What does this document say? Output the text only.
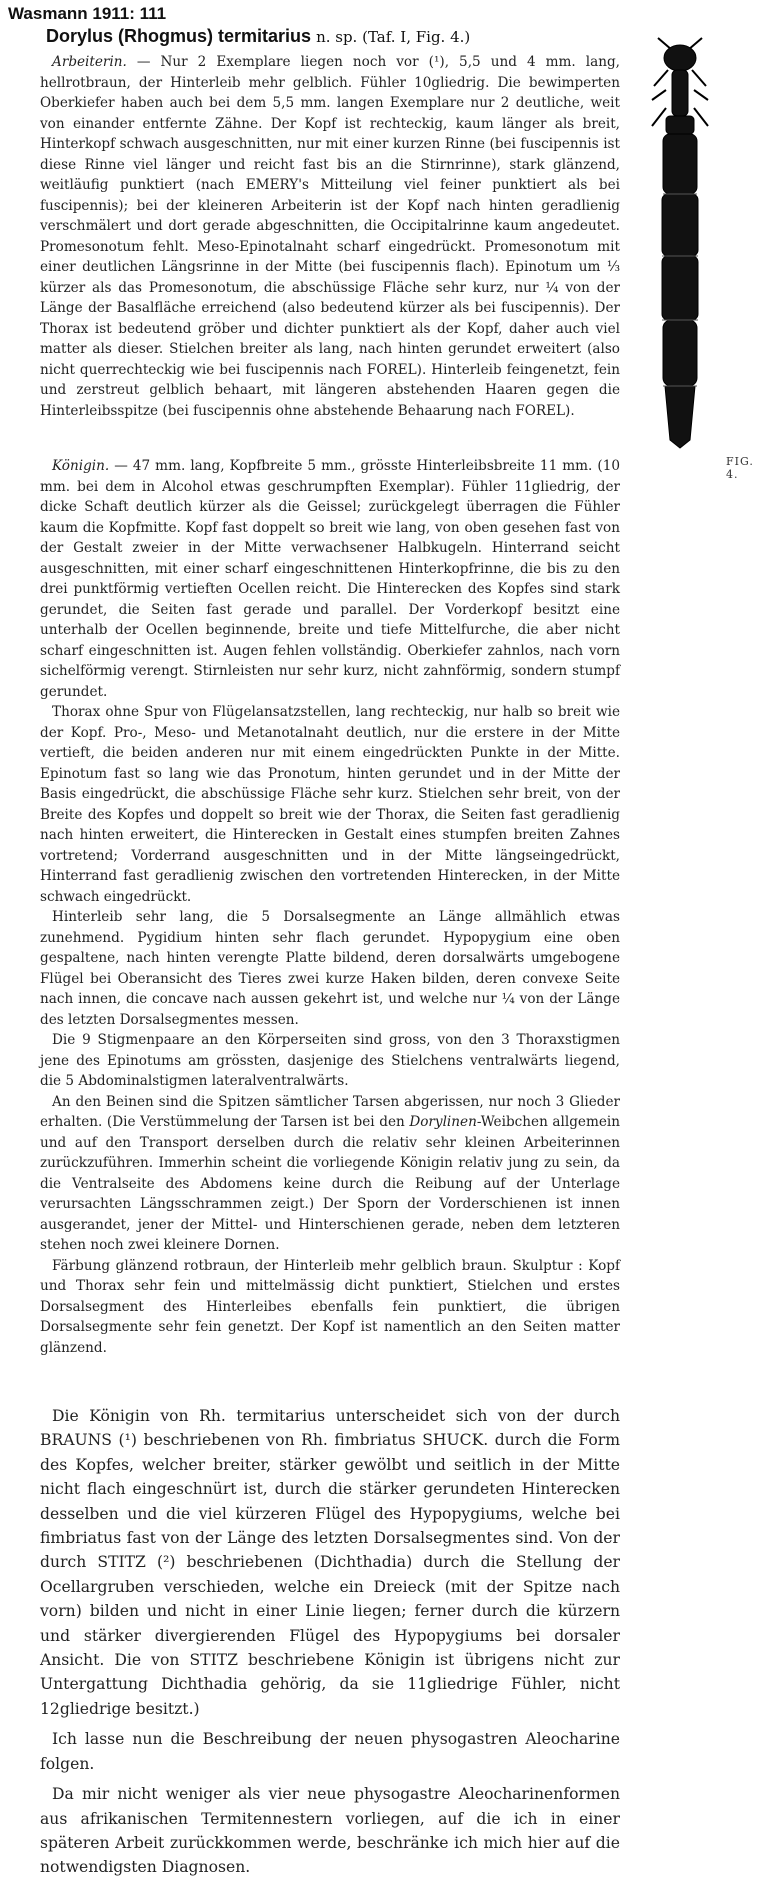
Wasmann 1911: 111
Dorylus (Rhogmus) termitarius n. sp. (Taf. I, Fig. 4.)
FIG. 4.

Arbeiterin. — Nur 2 Exemplare liegen noch vor (¹), 5,5 und 4 mm. lang, hellrotbraun, der Hinterleib mehr gelblich. Fühler 10gliedrig. Die bewimperten Oberkiefer haben auch bei dem 5,5 mm. langen Exemplare nur 2 deutliche, weit von einander entfernte Zähne. Der Kopf ist rechteckig, kaum länger als breit, Hinterkopf schwach ausgeschnitten, nur mit einer kurzen Rinne (bei fuscipennis ist diese Rinne viel länger und reicht fast bis an die Stirnrinne), stark glänzend, weitläufig punktiert (nach EMERY's Mitteilung viel feiner punktiert als bei fuscipennis); bei der kleineren Arbeiterin ist der Kopf nach hinten geradlienig verschmälert und dort gerade abgeschnitten, die Occipitalrinne kaum angedeutet. Promesonotum fehlt. Meso-Epinotalnaht scharf eingedrückt. Promesonotum mit einer deutlichen Längsrinne in der Mitte (bei fuscipennis flach). Epinotum um ⅓ kürzer als das Promesonotum, die abschüssige Fläche sehr kurz, nur ¼ von der Länge der Basalfläche erreichend (also bedeutend kürzer als bei fuscipennis). Der Thorax ist bedeutend gröber und dichter punktiert als der Kopf, daher auch viel matter als dieser. Stielchen breiter als lang, nach hinten gerundet erweitert (also nicht querrechteckig wie bei fuscipennis nach FOREL). Hinterleib feingenetzt, fein und zerstreut gelblich behaart, mit längeren abstehenden Haaren gegen die Hinterleibsspitze (bei fuscipennis ohne abstehende Behaarung nach FOREL).

Königin. — 47 mm. lang, Kopfbreite 5 mm., grösste Hinterleibsbreite 11 mm. (10 mm. bei dem in Alcohol etwas geschrumpften Exemplar). Fühler 11gliedrig, der dicke Schaft deutlich kürzer als die Geissel; zurückgelegt überragen die Fühler kaum die Kopfmitte. Kopf fast doppelt so breit wie lang, von oben gesehen fast von der Gestalt zweier in der Mitte verwachsener Halbkugeln. Hinterrand seicht ausgeschnitten, mit einer scharf eingeschnittenen Hinterkopfrinne, die bis zu den drei punktförmig vertieften Ocellen reicht. Die Hinterecken des Kopfes sind stark gerundet, die Seiten fast gerade und parallel. Der Vorderkopf besitzt eine unterhalb der Ocellen beginnende, breite und tiefe Mittelfurche, die aber nicht scharf eingeschnitten ist. Augen fehlen vollständig. Oberkiefer zahnlos, nach vorn sichelförmig verengt. Stirnleisten nur sehr kurz, nicht zahnförmig, sondern stumpf gerundet.

Thorax ohne Spur von Flügelansatzstellen, lang rechteckig, nur halb so breit wie der Kopf. Pro-, Meso- und Metanotalnaht deutlich, nur die erstere in der Mitte vertieft, die beiden anderen nur mit einem eingedrückten Punkte in der Mitte. Epinotum fast so lang wie das Pronotum, hinten gerundet und in der Mitte der Basis eingedrückt, die abschüssige Fläche sehr kurz. Stielchen sehr breit, von der Breite des Kopfes und doppelt so breit wie der Thorax, die Seiten fast geradlienig nach hinten erweitert, die Hinterecken in Gestalt eines stumpfen breiten Zahnes vortretend; Vorderrand ausgeschnitten und in der Mitte längseingedrückt, Hinterrand fast geradlienig zwischen den vortretenden Hinterecken, in der Mitte schwach eingedrückt.

Hinterleib sehr lang, die 5 Dorsalsegmente an Länge allmählich etwas zunehmend. Pygidium hinten sehr flach gerundet. Hypopygium eine oben gespaltene, nach hinten verengte Platte bildend, deren dorsalwärts umgebogene Flügel bei Oberansicht des Tieres zwei kurze Haken bilden, deren convexe Seite nach innen, die concave nach aussen gekehrt ist, und welche nur ¼ von der Länge des letzten Dorsalsegmentes messen.

Die 9 Stigmenpaare an den Körperseiten sind gross, von den 3 Thoraxstigmen jene des Epinotums am grössten, dasjenige des Stielchens ventralwärts liegend, die 5 Abdominalstigmen lateralventralwärts.

An den Beinen sind die Spitzen sämtlicher Tarsen abgerissen, nur noch 3 Glieder erhalten. (Die Verstümmelung der Tarsen ist bei den Dorylinen-Weibchen allgemein und auf den Transport derselben durch die relativ sehr kleinen Arbeiterinnen zurückzuführen. Immerhin scheint die vorliegende Königin relativ jung zu sein, da die Ventralseite des Abdomens keine durch die Reibung auf der Unterlage verursachten Längsschrammen zeigt.) Der Sporn der Vorderschienen ist innen ausgerandet, jener der Mittel- und Hinterschienen gerade, neben dem letzteren stehen noch zwei kleinere Dornen.

Färbung glänzend rotbraun, der Hinterleib mehr gelblich braun. Skulptur : Kopf und Thorax sehr fein und mittelmässig dicht punktiert, Stielchen und erstes Dorsalsegment des Hinterleibes ebenfalls fein punktiert, die übrigen Dorsalsegmente sehr fein genetzt. Der Kopf ist namentlich an den Seiten matter glänzend.

Die Königin von Rh. termitarius unterscheidet sich von der durch BRAUNS (¹) beschriebenen von Rh. fimbriatus SHUCK. durch die Form des Kopfes, welcher breiter, stärker gewölbt und seitlich in der Mitte nicht flach eingeschnürt ist, durch die stärker gerundeten Hinterecken desselben und die viel kürzeren Flügel des Hypopygiums, welche bei fimbriatus fast von der Länge des letzten Dorsalsegmentes sind. Von der durch STITZ (²) beschriebenen (Dichthadia) durch die Stellung der Ocellargruben verschieden, welche ein Dreieck (mit der Spitze nach vorn) bilden und nicht in einer Linie liegen; ferner durch die kürzern und stärker divergierenden Flügel des Hypopygiums bei dorsaler Ansicht. Die von STITZ beschriebene Königin ist übrigens nicht zur Untergattung Dichthadia gehörig, da sie 11gliedrige Fühler, nicht 12gliedrige besitzt.)

Ich lasse nun die Beschreibung der neuen physogastren Aleocharine folgen.

Da mir nicht weniger als vier neue physogastre Aleocharinenformen aus afrikanischen Termitennestern vorliegen, auf die ich in einer späteren Arbeit zurückkommen werde, beschränke ich mich hier auf die notwendigsten Diagnosen.
